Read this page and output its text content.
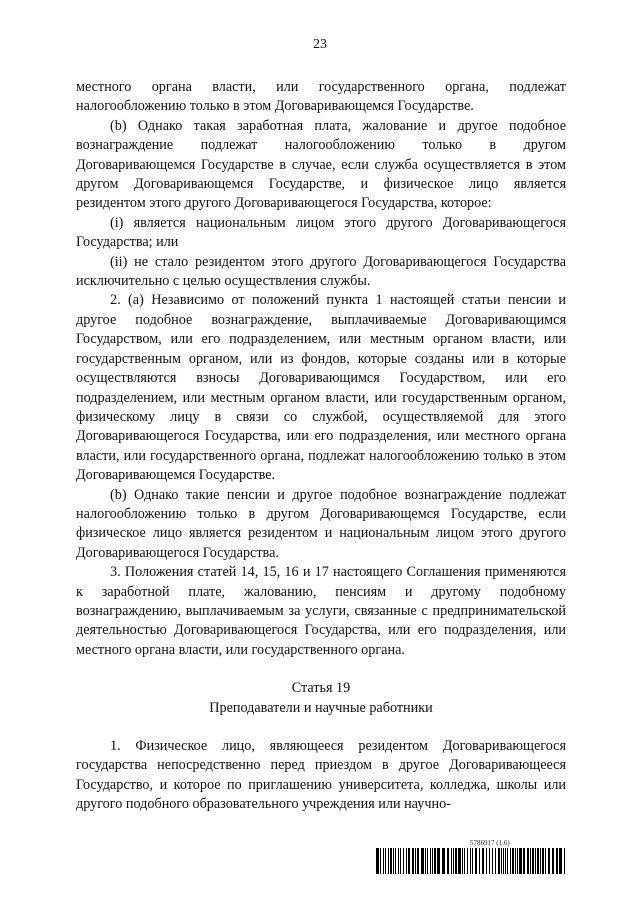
23

местного органа власти, или государственного органа, подлежат налогообложению только в этом Договаривающемся Государстве.

(b) Однако такая заработная плата, жалование и другое подобное вознаграждение подлежат налогообложению только в другом Договаривающемся Государстве в случае, если служба осуществляется в этом другом Договаривающемся Государстве, и физическое лицо является резидентом этого другого Договаривающегося Государства, которое:

(i) является национальным лицом этого другого Договаривающегося Государства; или

(ii) не стало резидентом этого другого Договаривающегося Государства исключительно с целью осуществления службы.

2. (а) Независимо от положений пункта 1 настоящей статьи пенсии и другое подобное вознаграждение, выплачиваемые Договаривающимся Государством, или его подразделением, или местным органом власти, или государственным органом, или из фондов, которые созданы или в которые осуществляются взносы Договаривающимся Государством, или его подразделением, или местным органом власти, или государственным органом, физическому лицу в связи со службой, осуществляемой для этого Договаривающегося Государства, или его подразделения, или местного органа власти, или государственного органа, подлежат налогообложению только в этом Договаривающемся Государстве.

(b) Однако такие пенсии и другое подобное вознаграждение подлежат налогообложению только в другом Договаривающемся Государстве, если физическое лицо является резидентом и национальным лицом этого другого Договаривающегося Государства.

3. Положения статей 14, 15, 16 и 17 настоящего Соглашения применяются к заработной плате, жалованию, пенсиям и другому подобному вознаграждению, выплачиваемым за услуги, связанные с предпринимательской деятельностью Договаривающегося Государства, или его подразделения, или местного органа власти, или государственного органа.

Статья 19

Преподаватели и научные работники

1. Физическое лицо, являющееся резидентом Договаривающегося государства непосредственно перед приездом в другое Договаривающееся Государство, и которое по приглашению университета, колледжа, школы или другого подобного образовательного учреждения или научно-

5786917 (1.6)
